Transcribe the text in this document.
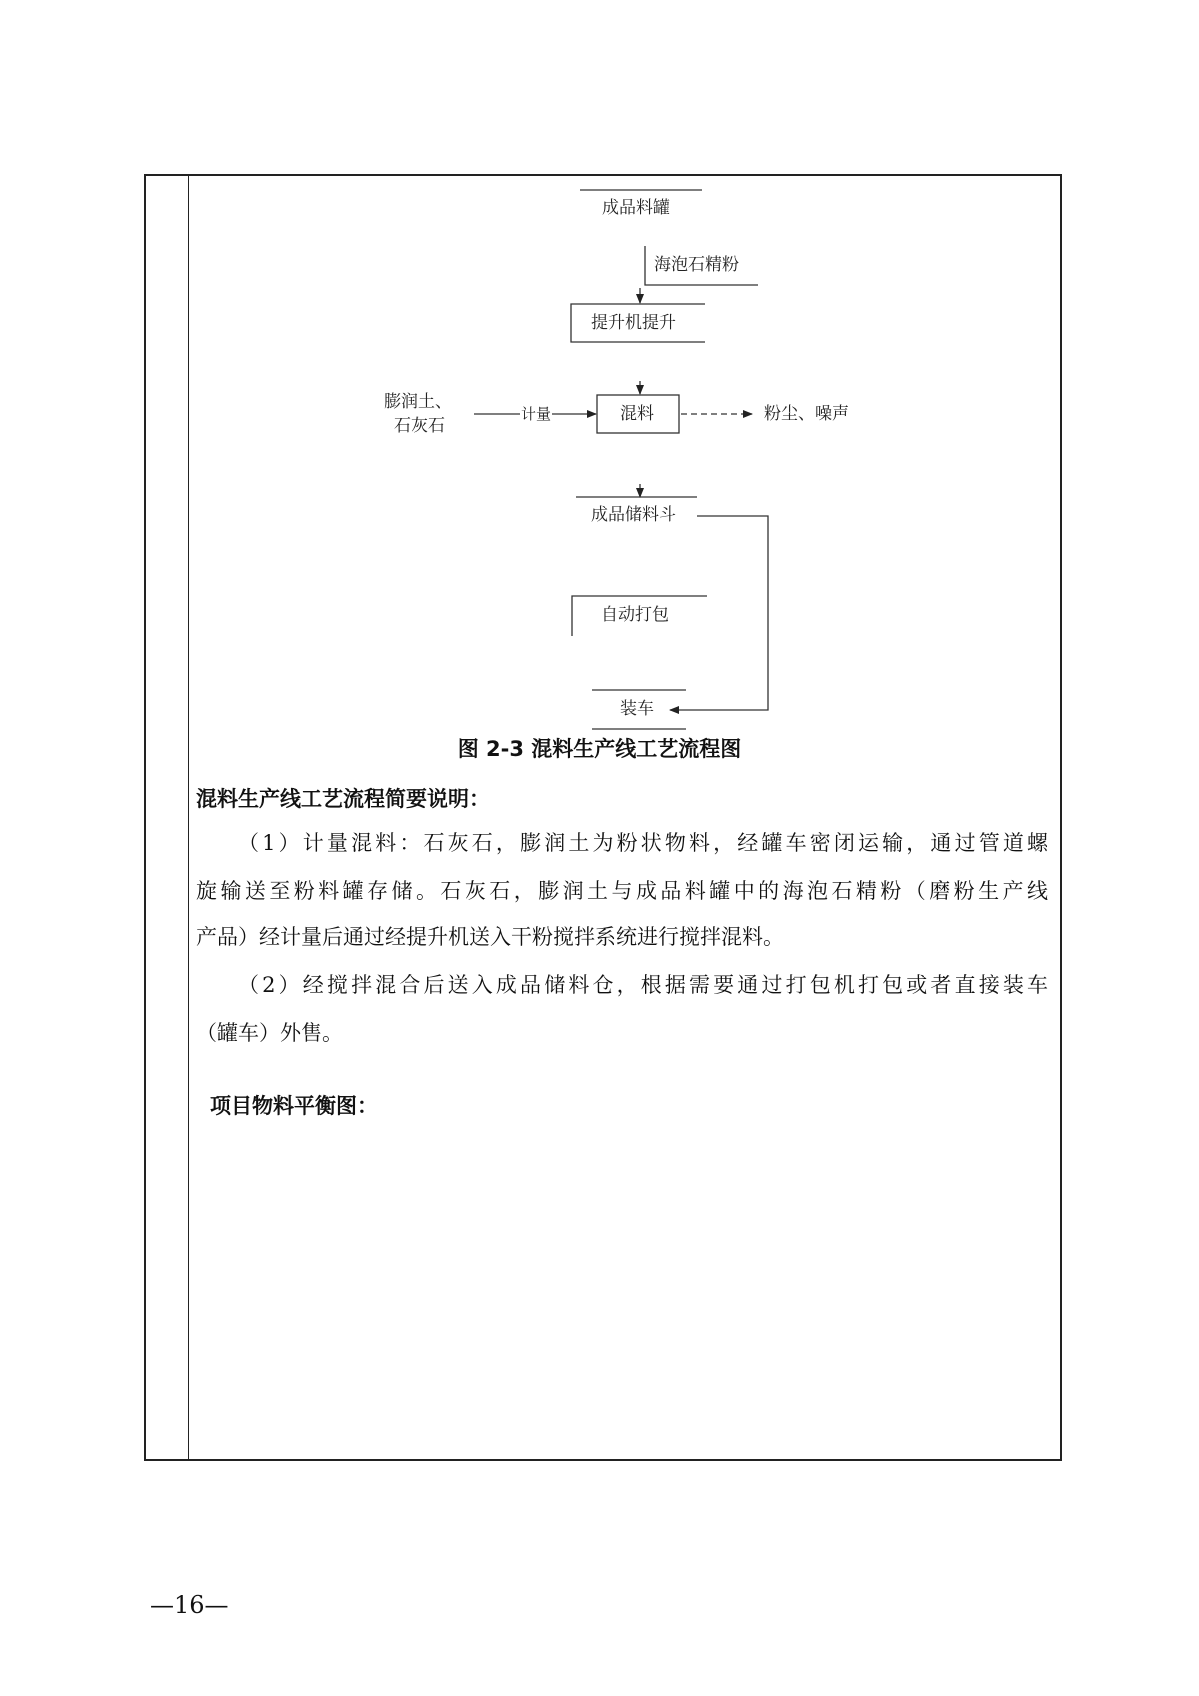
成品料罐
海泡石精粉
提升机提升
混料
膨润土、
石灰石
计量	粉尘、噪声
成品储料斗
自动打包
装车
图 2-3 混料生产线工艺流程图
混料生产线工艺流程简要说明：
（1）计量混料：石灰石，膨润土为粉状物料，经罐车密闭运输，通过管道螺
旋输送至粉料罐存储。石灰石，膨润土与成品料罐中的海泡石精粉（磨粉生产线
产品）经计量后通过经提升机送入干粉搅拌系统进行搅拌混料。
（2）经搅拌混合后送入成品储料仓，根据需要通过打包机打包或者直接装车
（罐车）外售。
项目物料平衡图：
—16—
